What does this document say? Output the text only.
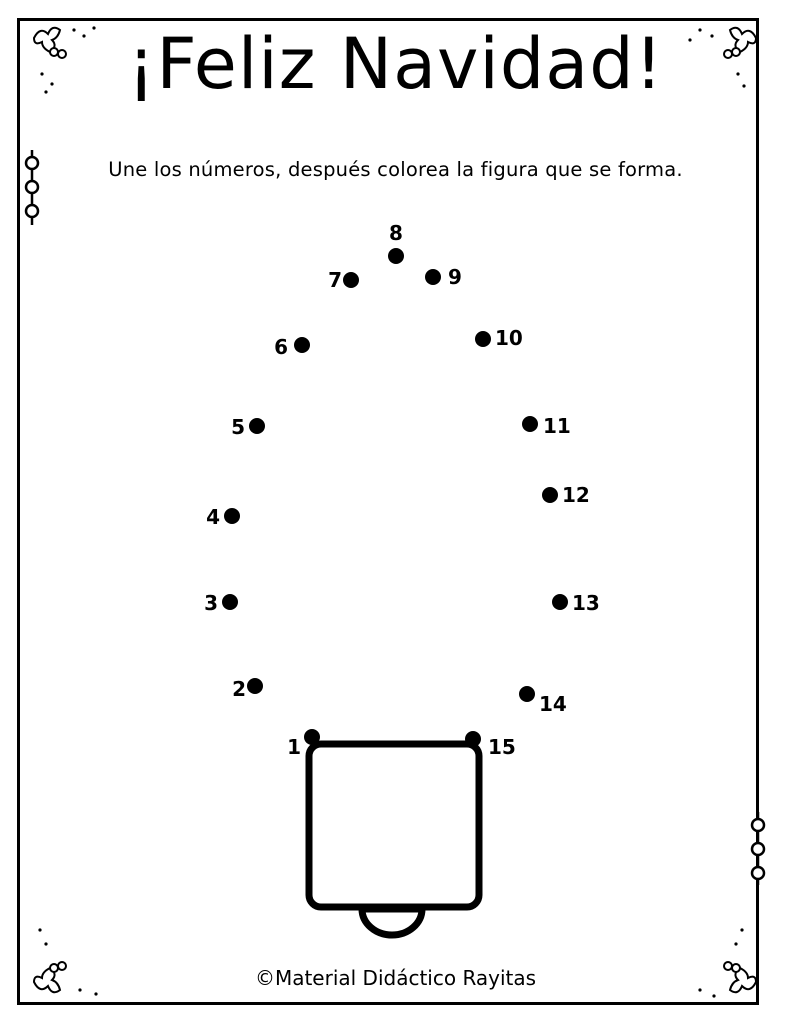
¡Feliz Navidad!
Une los números, después colorea la figura que se forma.
1
2
3
4
5
6
7
8
9
10
11
12
13
14
15
©Material Didáctico Rayitas
